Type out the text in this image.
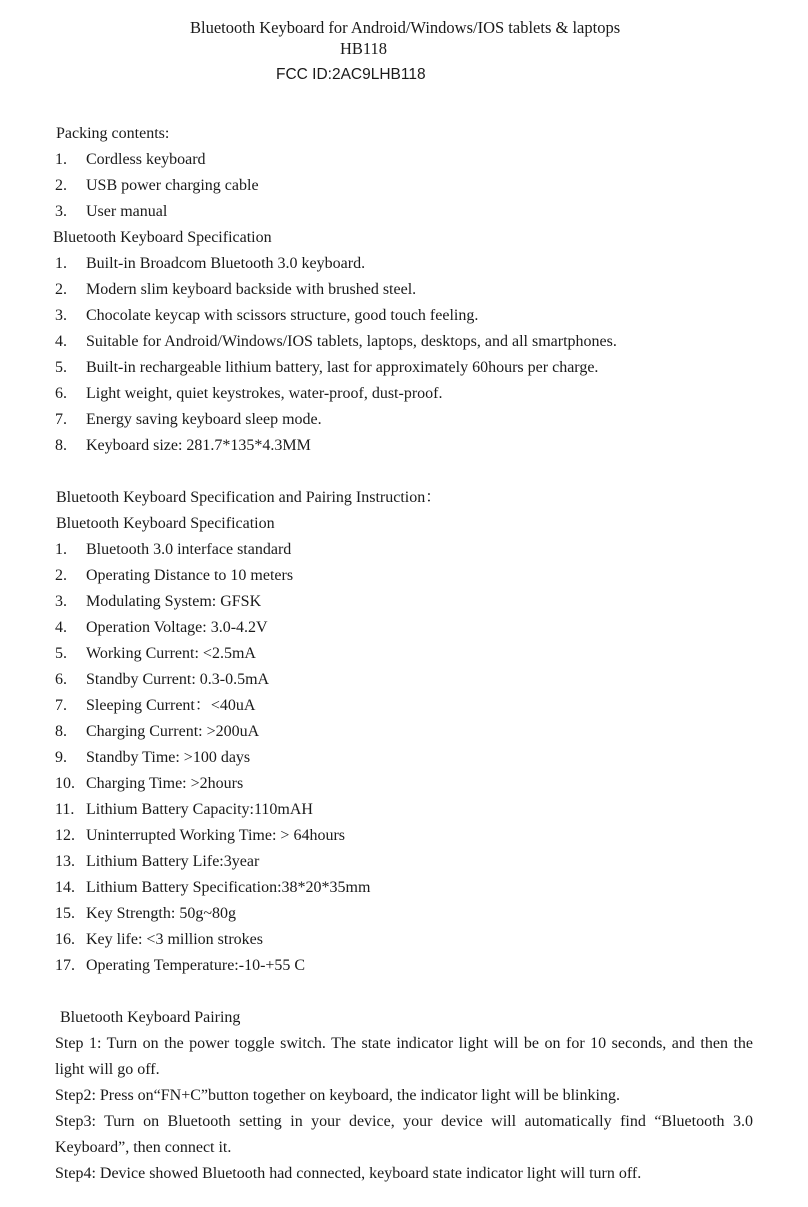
Bluetooth Keyboard for Android/Windows/IOS tablets & laptops
HB118
FCC ID:2AC9LHB118
Packing contents:
1. Cordless keyboard
2. USB power charging cable
3. User manual
Bluetooth Keyboard Specification
1. Built-in Broadcom Bluetooth 3.0 keyboard.
2. Modern slim keyboard backside with brushed steel.
3. Chocolate keycap with scissors structure, good touch feeling.
4. Suitable for Android/Windows/IOS tablets, laptops, desktops, and all smartphones.
5. Built-in rechargeable lithium battery, last for approximately 60hours per charge.
6. Light weight, quiet keystrokes, water-proof, dust-proof.
7. Energy saving keyboard sleep mode.
8. Keyboard size: 281.7*135*4.3MM
Bluetooth Keyboard Specification and Pairing Instruction：
Bluetooth Keyboard Specification
1. Bluetooth 3.0 interface standard
2. Operating Distance to 10 meters
3. Modulating System: GFSK
4. Operation Voltage: 3.0-4.2V
5. Working Current: <2.5mA
6. Standby Current: 0.3-0.5mA
7. Sleeping Current：<40uA
8. Charging Current: >200uA
9. Standby Time: >100 days
10. Charging Time: >2hours
11. Lithium Battery Capacity:110mAH
12. Uninterrupted Working Time: > 64hours
13. Lithium Battery Life:3year
14. Lithium Battery Specification:38*20*35mm
15. Key Strength: 50g~80g
16. Key life: <3 million strokes
17. Operating Temperature:-10-+55 C
Bluetooth Keyboard Pairing

Step 1: Turn on the power toggle switch. The state indicator light will be on for 10 seconds, and then the light will go off.

Step2: Press on“FN+C”button together on keyboard, the indicator light will be blinking.

Step3: Turn on Bluetooth setting in your device, your device will automatically find “Bluetooth 3.0 Keyboard”, then connect it.

Step4: Device showed Bluetooth had connected, keyboard state indicator light will turn off.
